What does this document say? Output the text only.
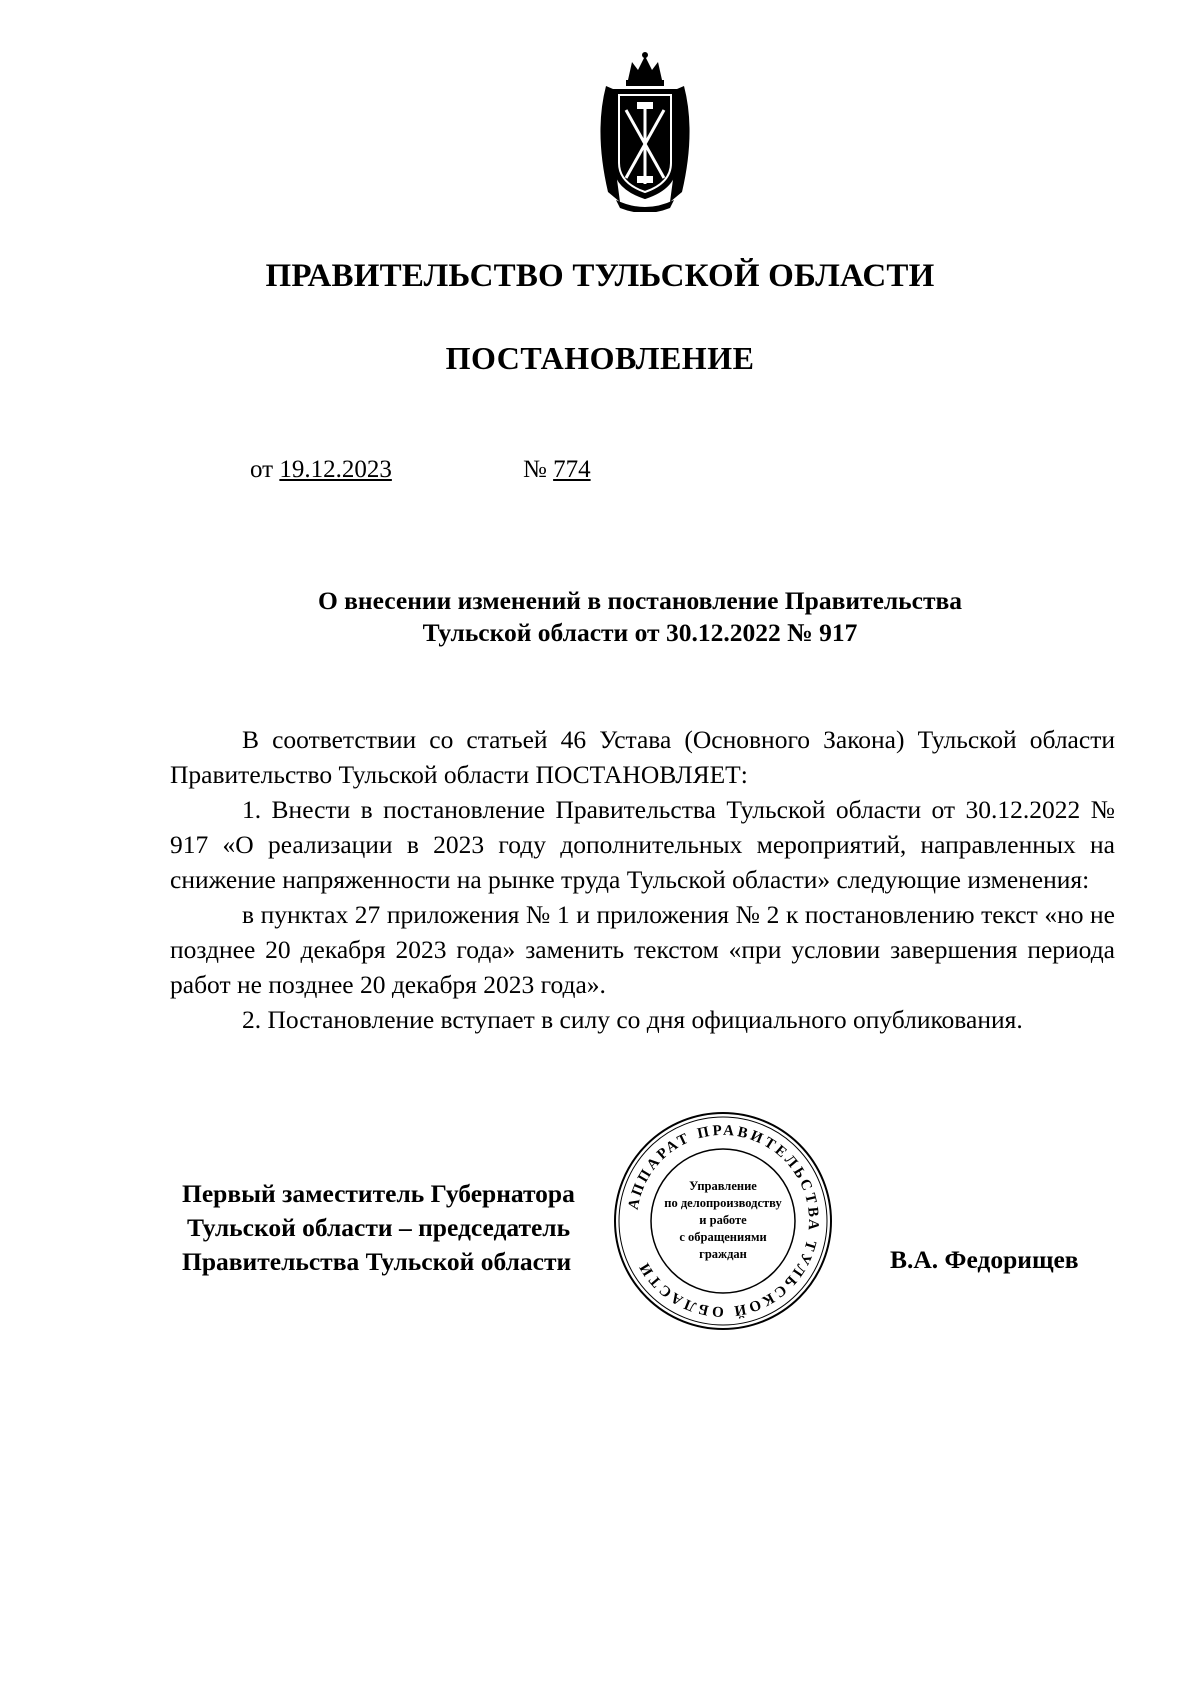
ПРАВИТЕЛЬСТВО ТУЛЬСКОЙ ОБЛАСТИ
ПОСТАНОВЛЕНИЕ
от 19.12.2023	№ 774
О внесении изменений в постановление Правительства
Тульской области от 30.12.2022 № 917

В соответствии со статьей 46 Устава (Основного Закона) Тульской области Правительство Тульской области ПОСТАНОВЛЯЕТ:

1. Внести в постановление Правительства Тульской области от 30.12.2022 № 917 «О реализации в 2023 году дополнительных мероприятий, направленных на снижение напряженности на рынке труда Тульской области» следующие изменения:

в пунктах 27 приложения № 1 и приложения № 2 к постановлению текст «но не позднее 20 декабря 2023 года» заменить текстом «при условии завершения периода работ не позднее 20 декабря 2023 года».

2. Постановление вступает в силу со дня официального опубликования.

Первый заместитель Губернатора
Тульской области – председатель
Правительства Тульской области
АППАРАТ ПРАВИТЕЛЬСТВА ТУЛЬСКОЙ ОБЛАСТИ
Управление
по делопроизводству
и работе
с обращениями
граждан	В.А. Федорищев
